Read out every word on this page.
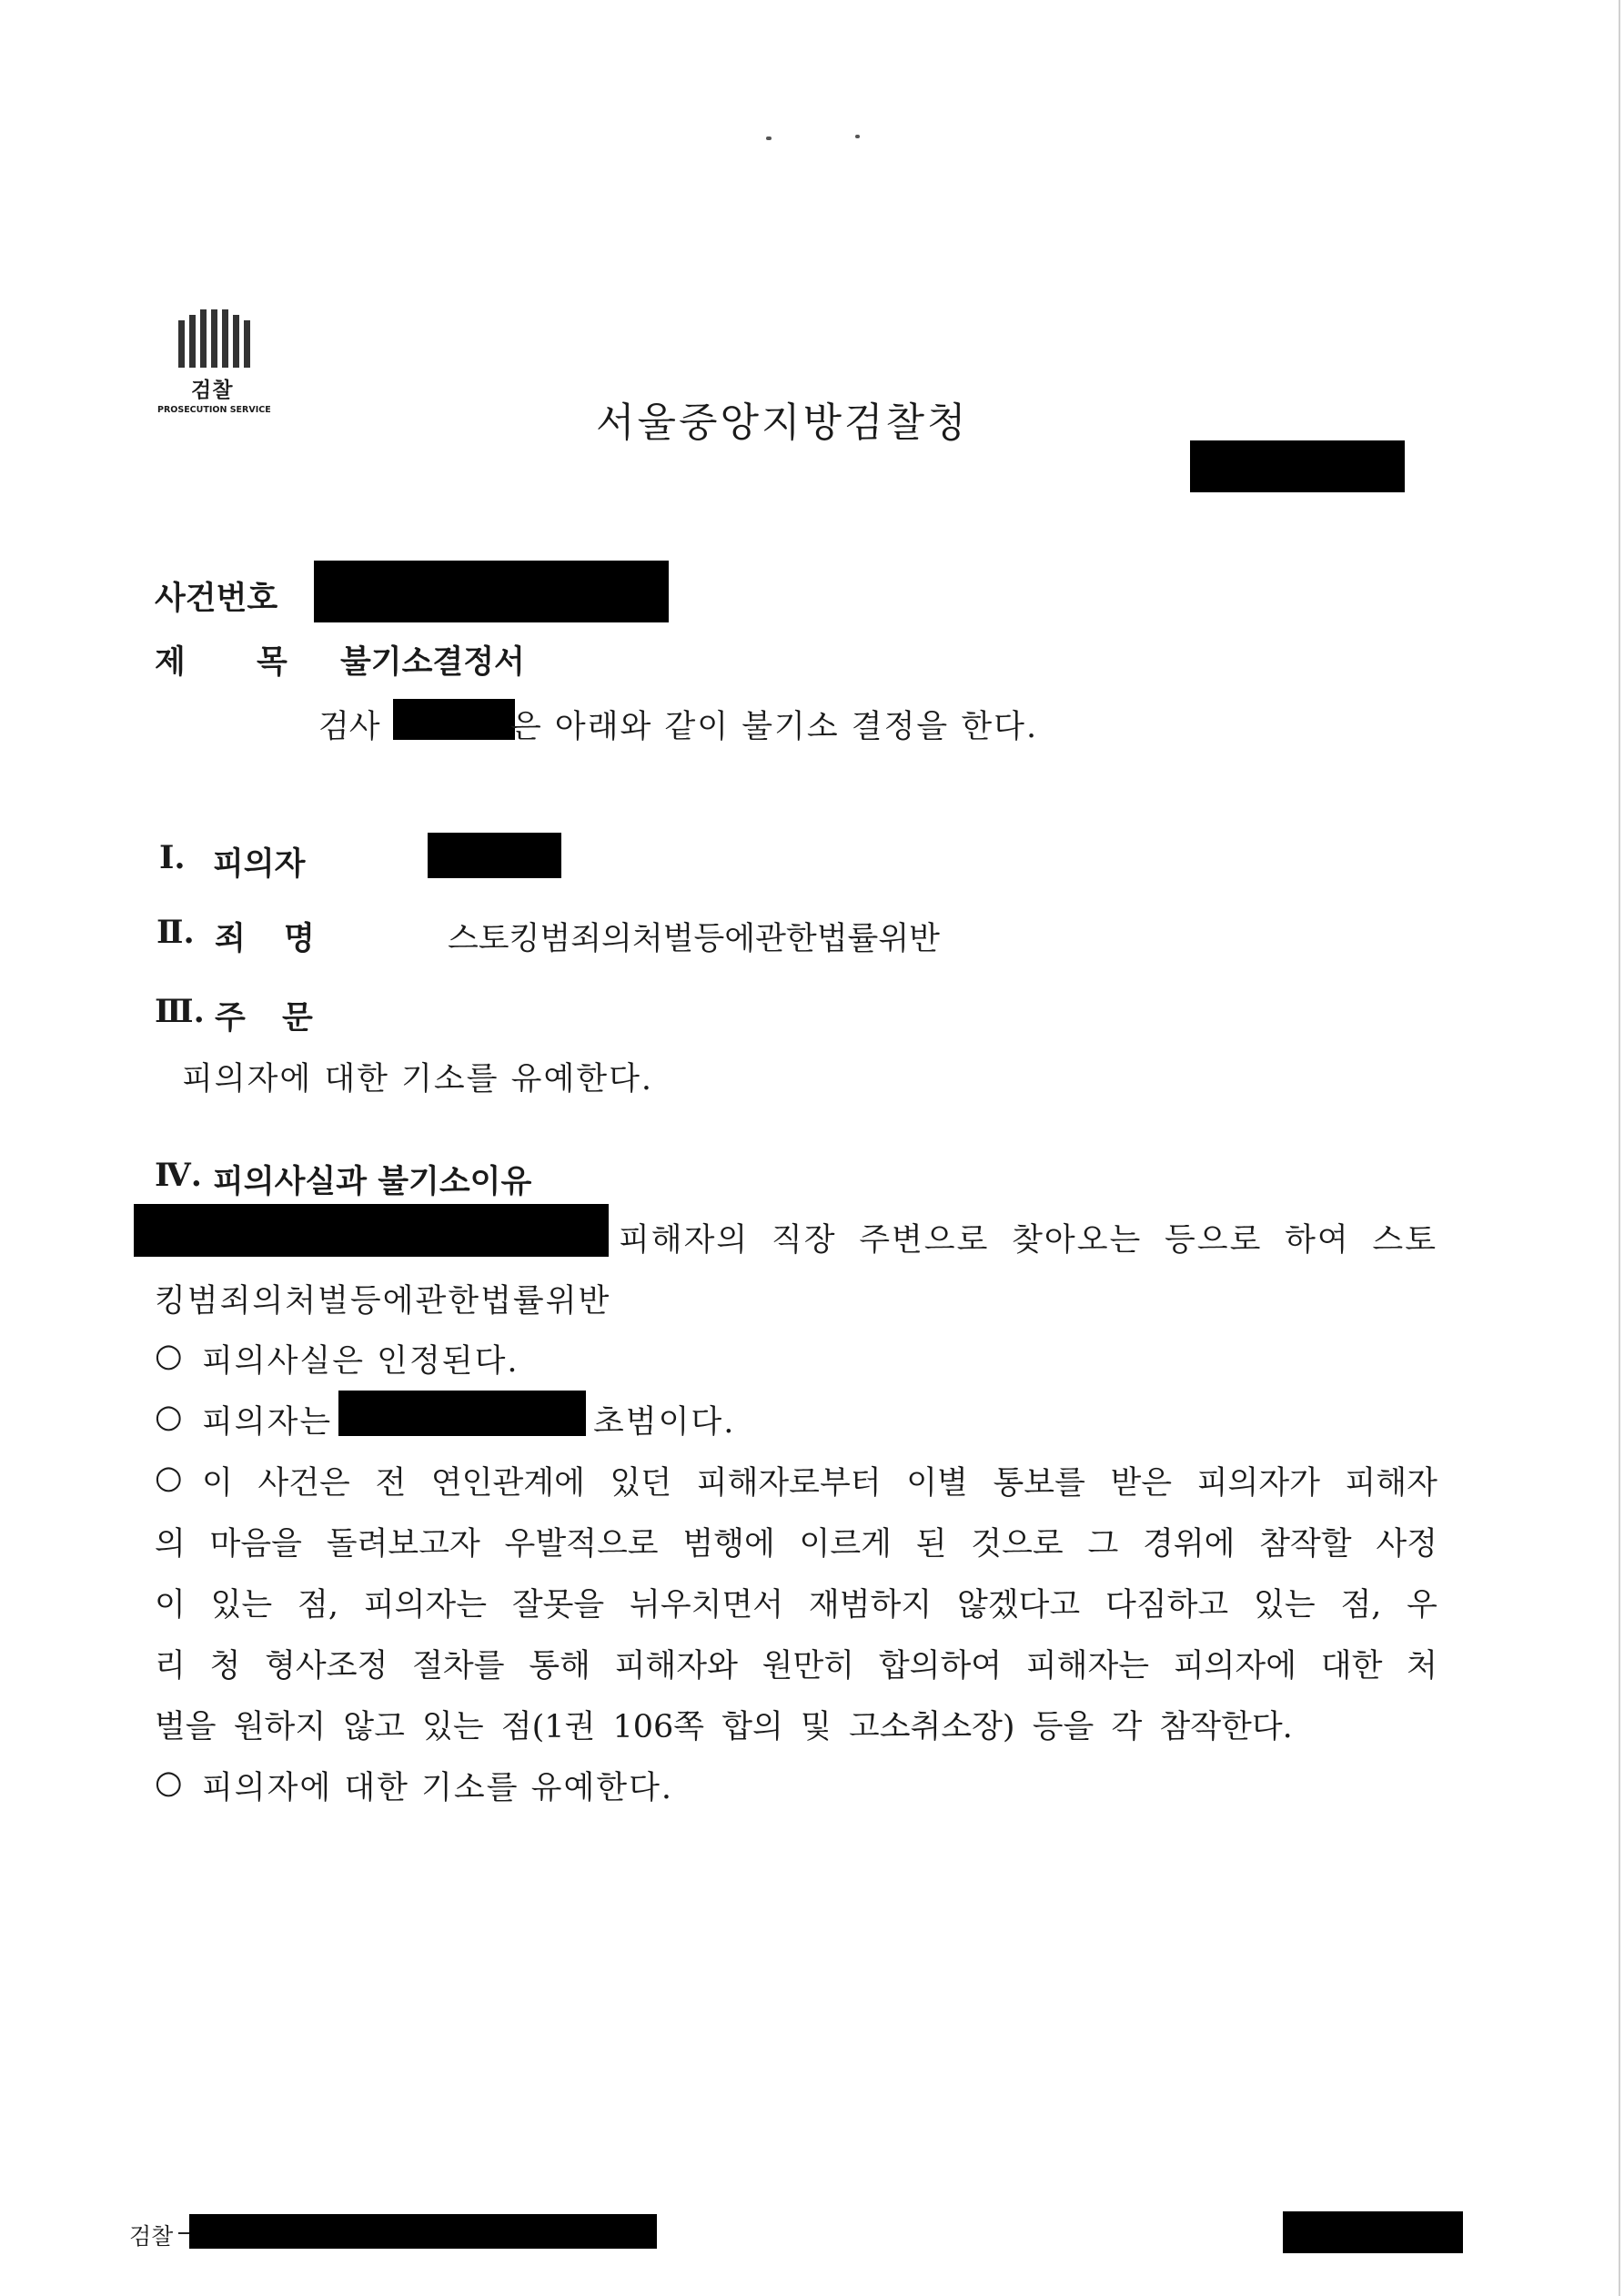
검찰
PROSECUTION SERVICE	서울중앙지방검찰청
사건번호
제 목 불기소결정서
검사	은 아래와 같이 불기소 결정을 한다.
Ⅰ. 피의자
Ⅱ. 죄 명	스토킹범죄의처벌등에관한법률위반
Ⅲ. 주 문
피의자에 대한 기소를 유예한다.
Ⅳ. 피의사실과 불기소이유
피해자의 직장 주변으로 찾아오는 등으로 하여 스토
킹범죄의처벌등에관한법률위반
○ 피의사실은 인정된다.
○ 피의자는	초범이다.
○ 이 사건은 전 연인관계에 있던 피해자로부터 이별 통보를 받은 피의자가 피해자
의 마음을 돌려보고자 우발적으로 범행에 이르게 된 것으로 그 경위에 참작할 사정
이 있는 점, 피의자는 잘못을 뉘우치면서 재범하지 않겠다고 다짐하고 있는 점, 우
리 청 형사조정 절차를 통해 피해자와 원만히 합의하여 피해자는 피의자에 대한 처
벌을 원하지 않고 있는 점(1권 106쪽 합의 및 고소취소장) 등을 각 참작한다.
○ 피의자에 대한 기소를 유예한다.
검찰
